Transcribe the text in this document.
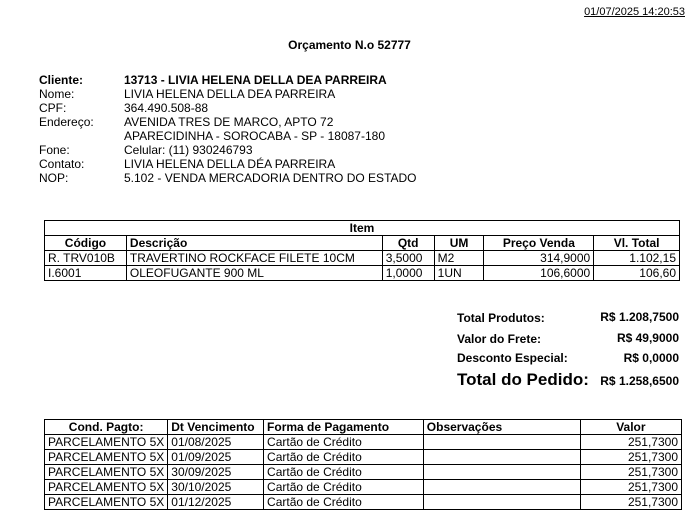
01/07/2025 14:20:53
Orçamento N.o 52777
Cliente:	13713 - LIVIA HELENA DELLA DEA PARREIRA
Nome:	LIVIA HELENA DELLA DEA PARREIRA
CPF:	364.490.508-88
Endereço:	AVENIDA TRES DE MARCO, APTO 72
APARECIDINHA - SOROCABA - SP - 18087-180
Fone:	Celular: (11) 930246793
Contato:	LIVIA HELENA DELLA DÉA PARREIRA
NOP:	5.102 - VENDA MERCADORIA DENTRO DO ESTADO
Item					
Código	Descrição	Qtd	UM	Preço Venda	Vl. Total
R. TRV010B	TRAVERTINO ROCKFACE FILETE 10CM	3,5000	M2	314,9000	1.102,15
I.6001	OLEOFUGANTE 900 ML	1,0000	1UN	106,6000	106,60
Total Produtos:	R$ 1.208,7500
Valor do Frete:	R$ 49,9000
Desconto Especial:	R$ 0,0000
Total do Pedido: R$ 1.258,6500
Cond. Pagto:	Dt Vencimento	Forma de Pagamento	Observações	Valor
PARCELAMENTO 5X	01/08/2025	Cartão de Crédito		251,7300
PARCELAMENTO 5X	01/09/2025	Cartão de Crédito		251,7300
PARCELAMENTO 5X	30/09/2025	Cartão de Crédito		251,7300
PARCELAMENTO 5X	30/10/2025	Cartão de Crédito		251,7300
PARCELAMENTO 5X	01/12/2025	Cartão de Crédito		251,7300
